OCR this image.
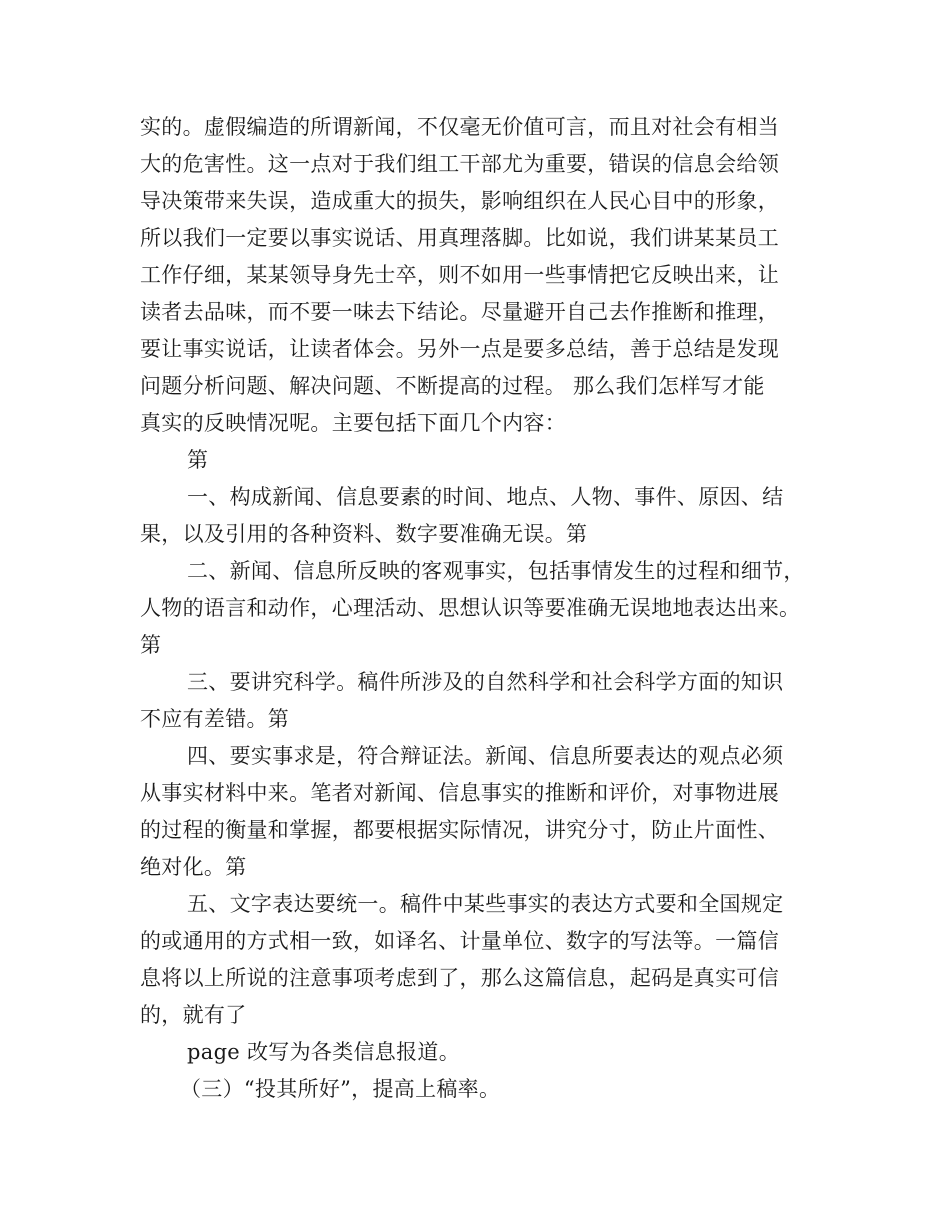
实的。虚假编造的所谓新闻，不仅毫无价值可言，而且对社会有相当
大的危害性。这一点对于我们组工干部尤为重要，错误的信息会给领
导决策带来失误，造成重大的损失，影响组织在人民心目中的形象，
所以我们一定要以事实说话、用真理落脚。比如说，我们讲某某员工
工作仔细，某某领导身先士卒，则不如用一些事情把它反映出来，让
读者去品味，而不要一味去下结论。尽量避开自己去作推断和推理，
要让事实说话，让读者体会。另外一点是要多总结，善于总结是发现
问题分析问题、解决问题、不断提高的过程。 那么我们怎样写才能
真实的反映情况呢。主要包括下面几个内容：
第
一、构成新闻、信息要素的时间、地点、人物、事件、原因、结
果，以及引用的各种资料、数字要准确无误。第
二、新闻、信息所反映的客观事实，包括事情发生的过程和细节，
人物的语言和动作，心理活动、思想认识等要准确无误地地表达出来。
第
三、要讲究科学。稿件所涉及的自然科学和社会科学方面的知识
不应有差错。第
四、要实事求是，符合辩证法。新闻、信息所要表达的观点必须
从事实材料中来。笔者对新闻、信息事实的推断和评价，对事物进展
的过程的衡量和掌握，都要根据实际情况，讲究分寸，防止片面性、
绝对化。第
五、文字表达要统一。稿件中某些事实的表达方式要和全国规定
的或通用的方式相一致，如译名、计量单位、数字的写法等。一篇信
息将以上所说的注意事项考虑到了，那么这篇信息，起码是真实可信
的，就有了
page 改写为各类信息报道。
（三）“投其所好”，提高上稿率。
